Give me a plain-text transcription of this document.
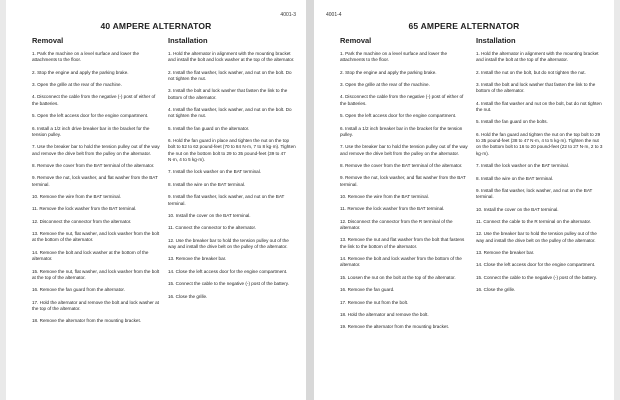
4001-3
40 AMPERE ALTERNATOR
Removal
1. Park the machine on a level surface and lower the attachments to the floor.
2. Stop the engine and apply the parking brake.
3. Open the grille at the rear of the machine.
4. Disconnect the cable from the negative (-) post of either of the batteries.
5. Open the left access door for the engine compartment.
6. Install a 1/2 inch drive breaker bar in the bracket for the tension pulley.
7. Use the breaker bar to hold the tension pulley out of the way and remove the drive belt from the pulley on the alternator.
8. Remove the cover from the BAT terminal of the alternator.
9. Remove the nut, lock washer, and flat washer from the BAT terminal.
10. Remove the wire from the BAT terminal.
11. Remove the lock washer from the BAT terminal.
12. Disconnect the connector from the alternator.
13. Remove the nut, flat washer, and lock washer from the bolt at the bottom of the alternator.
14. Remove the bolt and lock washer at the bottom of the alternator.
15. Remove the nut, flat washer, and lock washer from the bolt at the top of the alternator.
16. Remove the fan guard from the alternator.
17. Hold the alternator and remove the bolt and lock washer at the top of the alternator.
18. Remove the alternator from the mounting bracket.
Installation
1. Hold the alternator in alignment with the mounting bracket and install the bolt and lock washer at the top of the alternator.
2. Install the flat washer, lock washer, and nut on the bolt. Do not tighten the nut.
3. Install the bolt and lock washer that fasten the link to the bottom of the alternator.
4. Install the flat washer, lock washer, and nut on the bolt. Do not tighten the nut.
5. Install the fan guard on the alternator.
6. Hold the fan guard in place and tighten the nut on the top bolt to 52 to 62 pound-feet (70 to 84 N·m, 7 to 8 kg·m). Tighten the nut on the bottom bolt to 29 to 35 pound-feet (39 to 47 N·m, 4 to 5 kg·m).
7. Install the lock washer on the BAT terminal.
8. Install the wire on the BAT terminal.
9. Install the flat washer, lock washer, and nut on the BAT terminal.
10. Install the cover on the BAT terminal.
11. Connect the connector to the alternator.
12. Use the breaker bar to hold the tension pulley out of the way and install the drive belt on the pulley of the alternator.
13. Remove the breaker bar.
14. Close the left access door for the engine compartment.
15. Connect the cable to the negative (-) post of the battery.
16. Close the grille.
4001-4
65 AMPERE ALTERNATOR
Removal
1. Park the machine on a level surface and lower the attachments to the floor.
2. Stop the engine and apply the parking brake.
3. Open the grille at the rear of the machine.
4. Disconnect the cable from the negative (-) post of either of the batteries.
5. Open the left access door for the engine compartment.
6. Install a 1/2 inch breaker bar in the bracket for the tension pulley.
7. Use the breaker bar to hold the tension pulley out of the way and remove the drive belt from the pulley on the alternator.
8. Remove the cover from the BAT terminal of the alternator.
9. Remove the nut, lock washer, and flat washer from the BAT terminal.
10. Remove the wire from the BAT terminal.
11. Remove the lock washer from the BAT terminal.
12. Disconnect the connector from the R terminal of the alternator.
13. Remove the nut and flat washer from the bolt that fastens the link to the bottom of the alternator.
14. Remove the bolt and lock washer from the bottom of the alternator.
15. Loosen the nut on the bolt at the top of the alternator.
16. Remove the fan guard.
17. Remove the nut from the bolt.
18. Hold the alternator and remove the bolt.
19. Remove the alternator from the mounting bracket.
Installation
1. Hold the alternator in alignment with the mounting bracket and install the bolt at the top of the alternator.
2. Install the nut on the bolt, but do not tighten the nut.
3. Install the bolt and lock washer that fasten the link to the bottom of the alternator.
4. Install the flat washer and nut on the bolt, but do not tighten the nut.
5. Install the fan guard on the bolts.
6. Hold the fan guard and tighten the nut on the top bolt to 29 to 35 pound-feet (38 to 47 N·m, 4 to 5 kg·m). Tighten the nut on the bottom bolt to 16 to 20 pound-feet (22 to 27 N·m, 2 to 3 kg·m).
7. Install the lock washer on the BAT terminal.
8. Install the wire on the BAT terminal.
9. Install the flat washer, lock washer, and nut on the BAT terminal.
10. Install the cover on the BAT terminal.
11. Connect the cable to the R terminal on the alternator.
12. Use the breaker bar to hold the tension pulley out of the way and install the drive belt on the pulley of the alternator.
13. Remove the breaker bar.
14. Close the left access door for the engine compartment.
15. Connect the cable to the negative (-) post of the battery.
16. Close the grille.
